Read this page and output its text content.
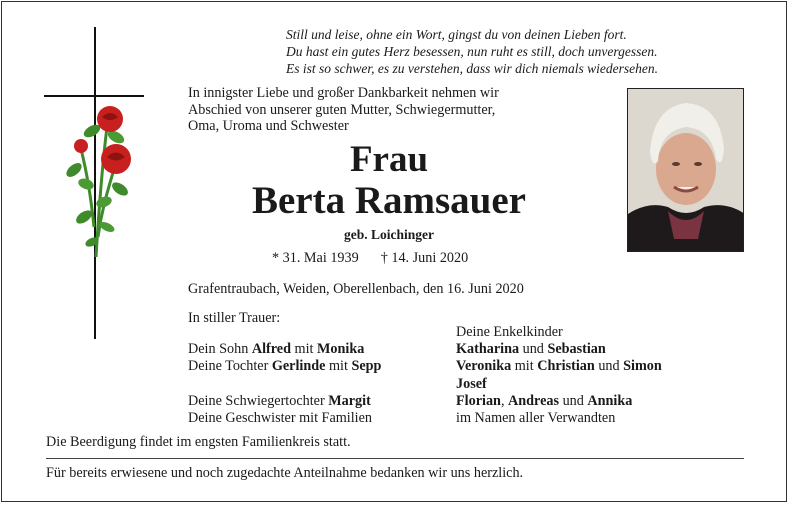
Still und leise, ohne ein Wort, gingst du von deinen Lieben fort.
Du hast ein gutes Herz besessen, nun ruht es still, doch unvergessen.
Es ist so schwer, es zu verstehen, dass wir dich niemals wiedersehen.
In innigster Liebe und großer Dankbarkeit nehmen wir
Abschied von unserer guten Mutter, Schwiegermutter,
Oma, Uroma und Schwester
Frau
Berta Ramsauer
geb. Loichinger
* 31. Mai 1939 † 14. Juni 2020
Grafentraubach, Weiden, Oberellenbach, den 16. Juni 2020
In stiller Trauer:
Dein Sohn Alfred mit Monika
Deine Tochter Gerlinde mit Sepp

Deine Schwiegertochter Margit
Deine Geschwister mit Familien
Deine Enkelkinder
Katharina und Sebastian
Veronika mit Christian und Simon
Josef
Florian, Andreas und Annika
im Namen aller Verwandten
Die Beerdigung findet im engsten Familienkreis statt.
Für bereits erwiesene und noch zugedachte Anteilnahme bedanken wir uns herzlich.
